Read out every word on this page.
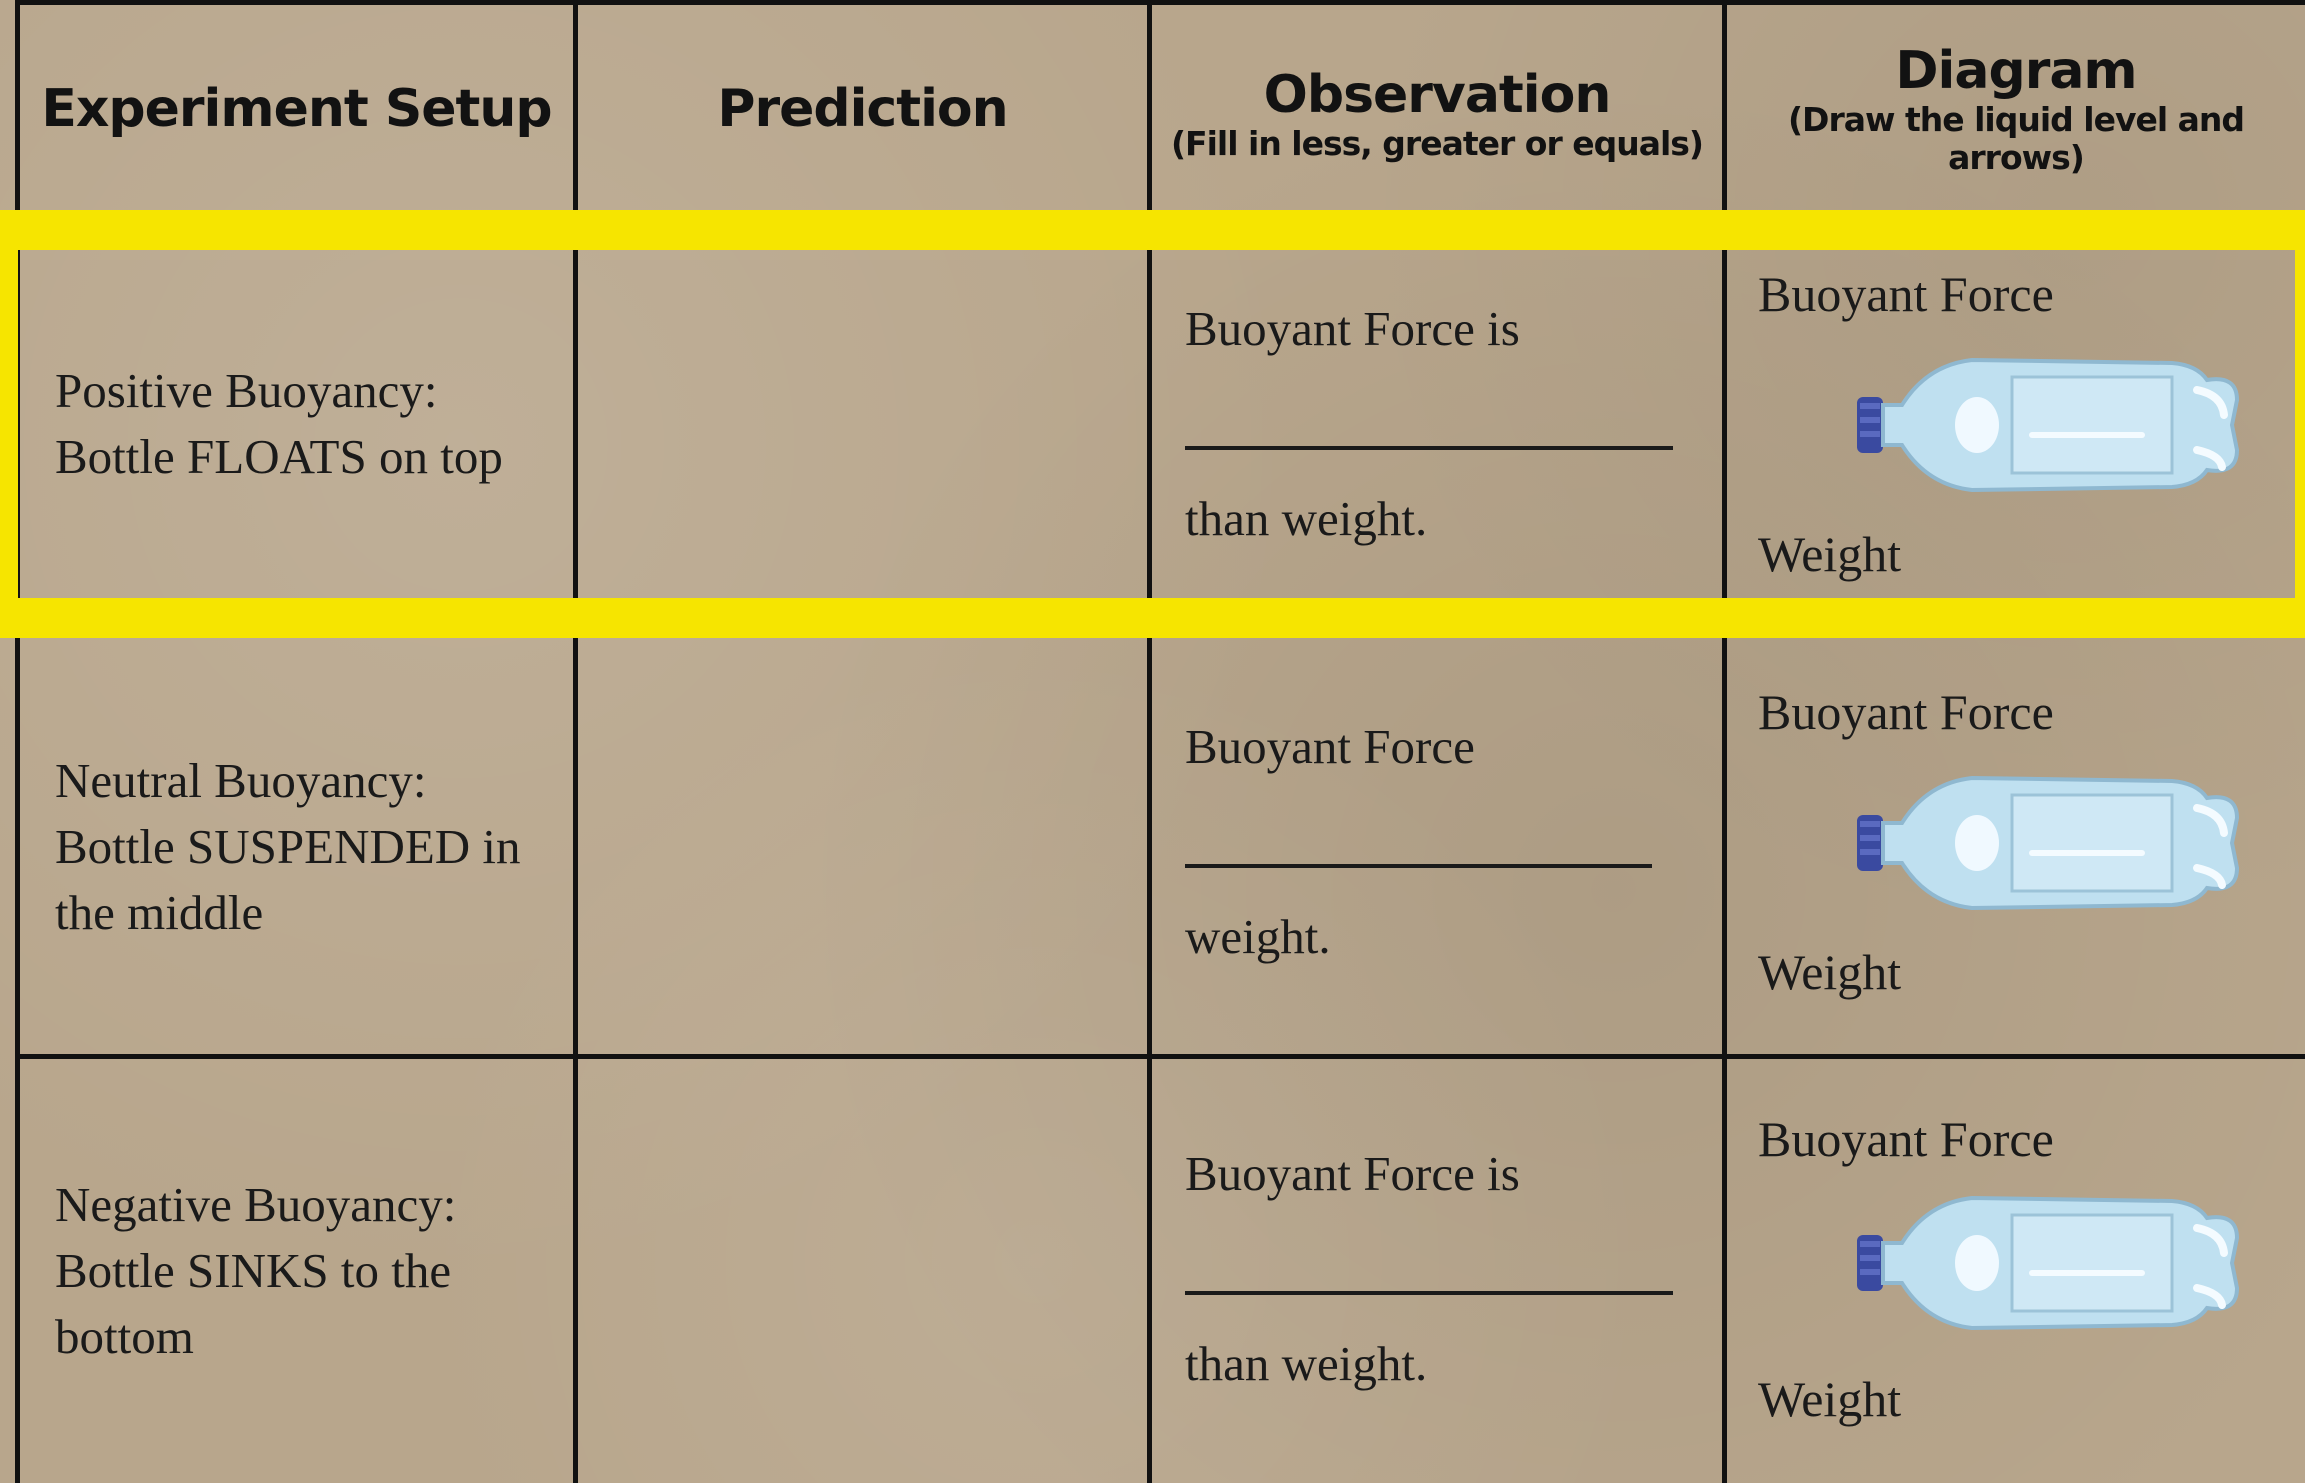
Experiment Setup	Prediction	Observation
(Fill in less, greater or equals)
Diagram
(Draw the liquid level and
arrows)
Positive Buoyancy:
Bottle FLOATS on top
Buoyant Force is
than weight.
Buoyant Force
Weight
Neutral Buoyancy:
Bottle SUSPENDED in
the middle
Buoyant Force
weight.
Buoyant Force
Weight
Negative Buoyancy:
Bottle SINKS to the
bottom
Buoyant Force is
than weight.
Buoyant Force
Weight
